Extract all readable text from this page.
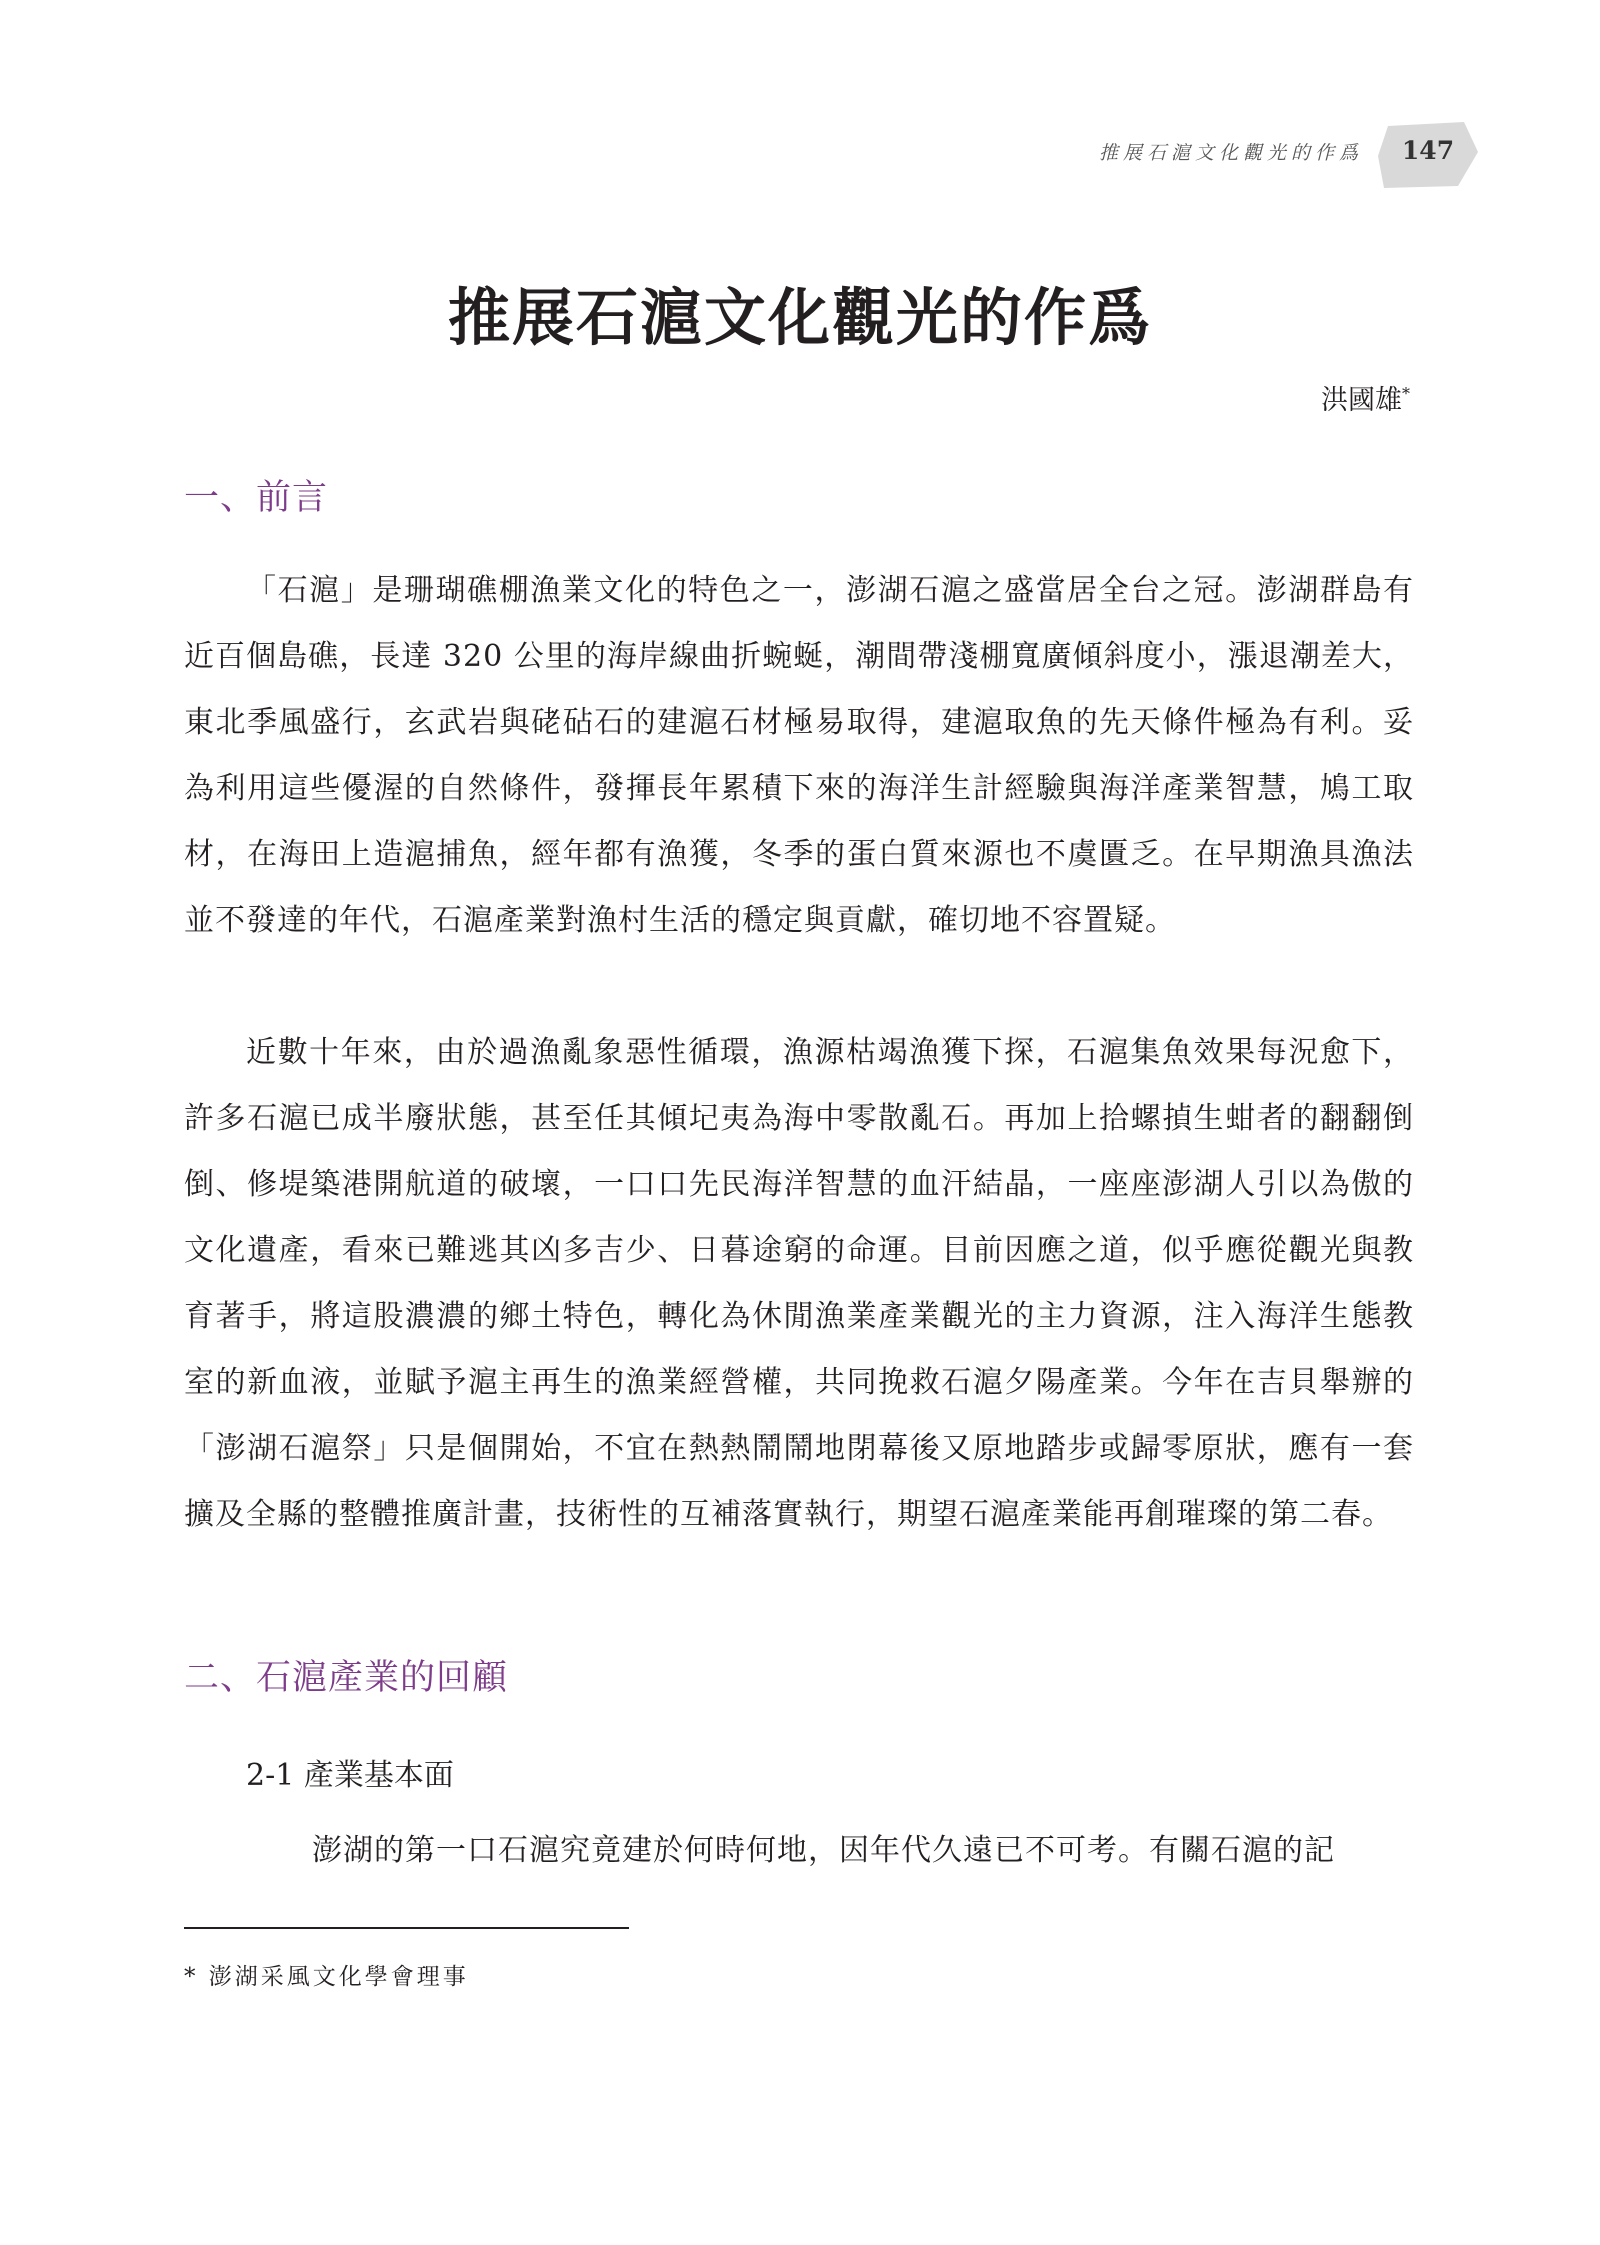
推展石滬文化觀光的作爲	147
推展石滬文化觀光的作爲
洪國雄*
一、前言
「石滬」是珊瑚礁棚漁業文化的特色之一，澎湖石滬之盛當居全台之冠。澎湖群島有近百個島礁，長達 320 公里的海岸線曲折蜿蜒，潮間帶淺棚寬廣傾斜度小，漲退潮差大，東北季風盛行，玄武岩與硓砧石的建滬石材極易取得，建滬取魚的先天條件極為有利。妥為利用這些優渥的自然條件，發揮長年累積下來的海洋生計經驗與海洋產業智慧，鳩工取材，在海田上造滬捕魚，經年都有漁獲，冬季的蛋白質來源也不虞匱乏。在早期漁具漁法並不發達的年代，石滬產業對漁村生活的穩定與貢獻，確切地不容置疑。
近數十年來，由於過漁亂象惡性循環，漁源枯竭漁獲下探，石滬集魚效果每況愈下，許多石滬已成半廢狀態，甚至任其傾圮夷為海中零散亂石。再加上拾螺揁生蚶者的翻翻倒倒、修堤築港開航道的破壞，一口口先民海洋智慧的血汗結晶，一座座澎湖人引以為傲的文化遺產，看來已難逃其凶多吉少、日暮途窮的命運。目前因應之道，似乎應從觀光與教育著手，將這股濃濃的鄉土特色，轉化為休閒漁業產業觀光的主力資源，注入海洋生態教室的新血液，並賦予滬主再生的漁業經營權，共同挽救石滬夕陽產業。今年在吉貝舉辦的「澎湖石滬祭」只是個開始，不宜在熱熱鬧鬧地閉幕後又原地踏步或歸零原狀，應有一套擴及全縣的整體推廣計畫，技術性的互補落實執行，期望石滬產業能再創璀璨的第二春。
二、石滬產業的回顧
2-1 產業基本面
澎湖的第一口石滬究竟建於何時何地，因年代久遠已不可考。有關石滬的記
* 澎湖采風文化學會理事
